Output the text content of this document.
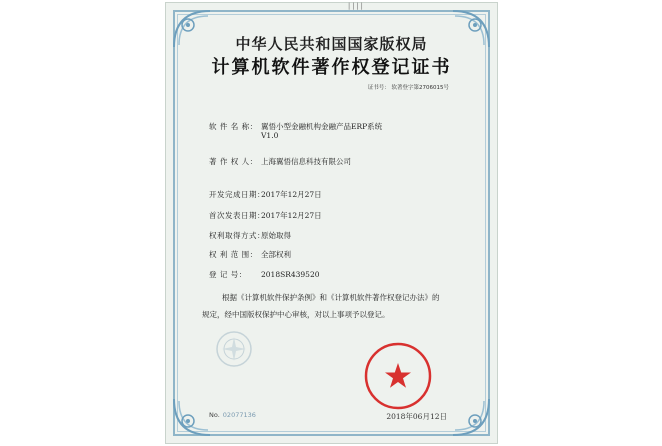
||||
中华人民共和国国家版权局
计算机软件著作权登记证书
证书号： 软著登字第2706015号
软 件 名 称： 翼悟小型金融机构金融产品ERP系统
V1.0
著 作 权 人： 上海翼悟信息科技有限公司
开发完成日期：2017年12月27日
首次发表日期：2017年12月27日
权利取得方式：原始取得
权 利 范 围： 全部权利
登 记 号： 2018SR439520
根据《计算机软件保护条例》和《计算机软件著作权登记办法》的
规定，经中国版权保护中心审核，对以上事项予以登记。
No. 02077136	2018年06月12日
